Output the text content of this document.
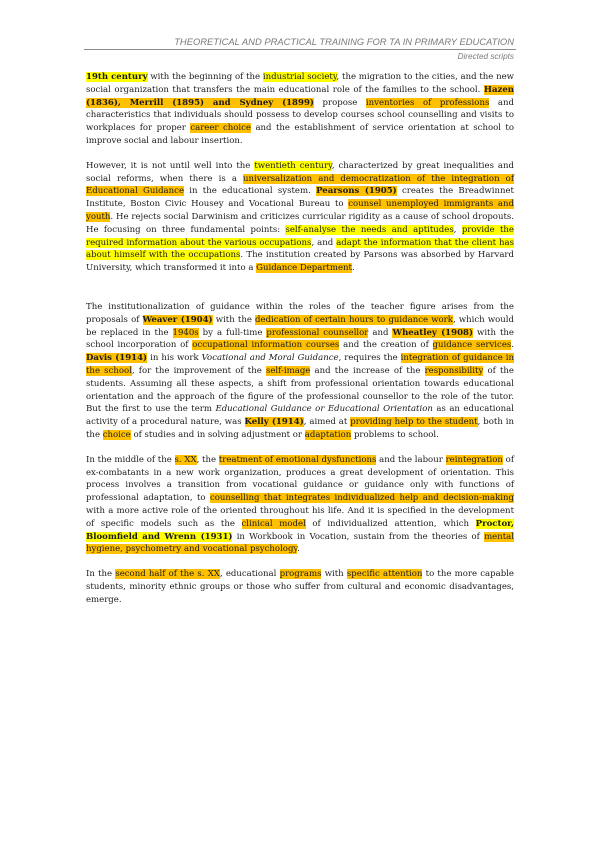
THEORETICAL AND PRACTICAL TRAINING FOR TA IN PRIMARY EDUCATION
Directed scripts

19th century with the beginning of the industrial society, the migration to the cities, and the new social organization that transfers the main educational role of the families to the school. Hazen (1836), Merrill (1895) and Sydney (1899) propose inventories of professions and characteristics that individuals should possess to develop courses school counselling and visits to workplaces for proper career choice and the establishment of service orientation at school to improve social and labour insertion.

However, it is not until well into the twentieth century, characterized by great inequalities and social reforms, when there is a universalization and democratization of the integration of Educational Guidance in the educational system. Pearsons (1905) creates the Breadwinnet Institute, Boston Civic Housey and Vocational Bureau to counsel unemployed immigrants and youth. He rejects social Darwinism and criticizes curricular rigidity as a cause of school dropouts. He focusing on three fundamental points: self-analyse the needs and aptitudes, provide the required information about the various occupations, and adapt the information that the client has about himself with the occupations. The institution created by Parsons was absorbed by Harvard University, which transformed it into a Guidance Department.

The institutionalization of guidance within the roles of the teacher figure arises from the proposals of Weaver (1904) with the dedication of certain hours to guidance work, which would be replaced in the 1940s by a full-time professional counsellor and Wheatley (1908) with the school incorporation of occupational information courses and the creation of guidance services. Davis (1914) in his work Vocational and Moral Guidance, requires the integration of guidance in the school, for the improvement of the self-image and the increase of the responsibility of the students. Assuming all these aspects, a shift from professional orientation towards educational orientation and the approach of the figure of the professional counsellor to the role of the tutor. But the first to use the term Educational Guidance or Educational Orientation as an educational activity of a procedural nature, was Kelly (1914), aimed at providing help to the student, both in the choice of studies and in solving adjustment or adaptation problems to school.

In the middle of the s. XX, the treatment of emotional dysfunctions and the labour reintegration of ex-combatants in a new work organization, produces a great development of orientation. This process involves a transition from vocational guidance or guidance only with functions of professional adaptation, to counselling that integrates individualized help and decision-making with a more active role of the oriented throughout his life. And it is specified in the development of specific models such as the clinical model of individualized attention, which Proctor, Bloomfield and Wrenn (1931) in Workbook in Vocation, sustain from the theories of mental hygiene, psychometry and vocational psychology.

In the second half of the s. XX, educational programs with specific attention to the more capable students, minority ethnic groups or those who suffer from cultural and economic disadvantages, emerge.
